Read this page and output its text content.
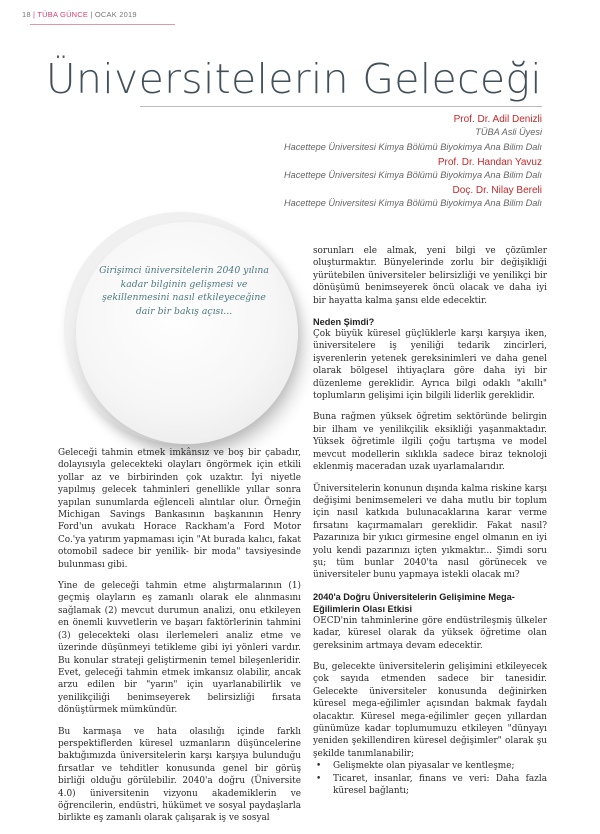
18 | TÜBA GÜNCE | OCAK 2019
Üniversitelerin Geleceği
Prof. Dr. Adil Denizli
TÜBA Asli Üyesi
Hacettepe Üniversitesi Kimya Bölümü Biyokimya Ana Bilim Dalı
Prof. Dr. Handan Yavuz
Hacettepe Üniversitesi Kimya Bölümü Biyokimya Ana Bilim Dalı
Doç. Dr. Nilay Bereli
Hacettepe Üniversitesi Kimya Bölümü Biyokimya Ana Bilim Dalı
Girişimci üniversitelerin 2040 yılına kadar bilginin gelişmesi ve şekillenmesini nasıl etkileyeceğine dair bir bakış açısı...

Geleceği tahmin etmek imkânsız ve boş bir çabadır, dolayısıyla gelecekteki olayları öngörmek için etkili yollar az ve birbirinden çok uzaktır. İyi niyetle yapılmış gelecek tahminleri genellikle yıllar sonra yapılan sunumlarda eğlenceli alıntılar olur. Örneğin Michigan Savings Bankasının başkanının Henry Ford'un avukatı Horace Rackham'a Ford Motor Co.'ya yatırım yapmaması için "At burada kalıcı, fakat otomobil sadece bir yenilik- bir moda" tavsiyesinde bulunması gibi.

Yine de geleceği tahmin etme alıştırmalarının (1) geçmiş olayların eş zamanlı olarak ele alınmasını sağlamak (2) mevcut durumun analizi, onu etkileyen en önemli kuvvetlerin ve başarı faktörlerinin tahmini (3) gelecekteki olası ilerlemeleri analiz etme ve üzerinde düşünmeyi tetikleme gibi iyi yönleri vardır. Bu konular strateji geliştirmenin temel bileşenleridir. Evet, geleceği tahmin etmek imkansız olabilir, ancak arzu edilen bir "yarın" için uyarlanabilirlik ve yenilikçiliği benimseyerek belirsizliği fırsata dönüştürmek mümkündür.

Bu karmaşa ve hata olasılığı içinde farklı perspektiflerden küresel uzmanların düşüncelerine baktığımızda üniversitelerin karşı karşıya bulunduğu fırsatlar ve tehditler konusunda genel bir görüş birliği olduğu görülebilir. 2040'a doğru (Üniversite 4.0) üniversitenin vizyonu akademiklerin ve öğrencilerin, endüstri, hükümet ve sosyal paydaşlarla birlikte eş zamanlı olarak çalışarak iş ve sosyal

sorunları ele almak, yeni bilgi ve çözümler oluşturmaktır. Bünyelerinde zorlu bir değişikliği yürütebilen üniversiteler belirsizliği ve yenilikçi bir dönüşümü benimseyerek öncü olacak ve daha iyi bir hayatta kalma şansı elde edecektir.

Neden Şimdi?

Çok büyük küresel güçlüklerle karşı karşıya iken, üniversitelere iş yeniliği tedarik zincirleri, işverenlerin yetenek gereksinimleri ve daha genel olarak bölgesel ihtiyaçlara göre daha iyi bir düzenleme gereklidir. Ayrıca bilgi odaklı "akıllı" toplumların gelişimi için bilgili liderlik gereklidir.

Buna rağmen yüksek öğretim sektöründe belirgin bir ilham ve yenilikçilik eksikliği yaşanmaktadır. Yüksek öğretimle ilgili çoğu tartışma ve model mevcut modellerin sıklıkla sadece biraz teknoloji eklenmiş maceradan uzak uyarlamalarıdır.

Üniversitelerin konunun dışında kalma riskine karşı değişimi benimsemeleri ve daha mutlu bir toplum için nasıl katkıda bulunacaklarına karar verme fırsatını kaçırmamaları gereklidir. Fakat nasıl? Pazarınıza bir yıkıcı girmesine engel olmanın en iyi yolu kendi pazarınızı içten yıkmaktır... Şimdi soru şu; tüm bunlar 2040'ta nasıl görünecek ve üniversiteler bunu yapmaya istekli olacak mı?

2040'a Doğru Üniversitelerin Gelişimine Mega-Eğilimlerin Olası Etkisi

OECD'nin tahminlerine göre endüstrileşmiş ülkeler kadar, küresel olarak da yüksek öğretime olan gereksinim artmaya devam edecektir.

Bu, gelecekte üniversitelerin gelişimini etkileyecek çok sayıda etmenden sadece bir tanesidir. Gelecekte üniversiteler konusunda değinirken küresel mega-eğilimler açısından bakmak faydalı olacaktır. Küresel mega-eğilimler geçen yıllardan günümüze kadar toplumumuzu etkileyen "dünyayı yeniden şekillendiren küresel değişimler" olarak şu şekilde tanımlanabilir;

• Gelişmekte olan piyasalar ve kentleşme;
• Ticaret, insanlar, finans ve veri: Daha fazla küresel bağlantı;
